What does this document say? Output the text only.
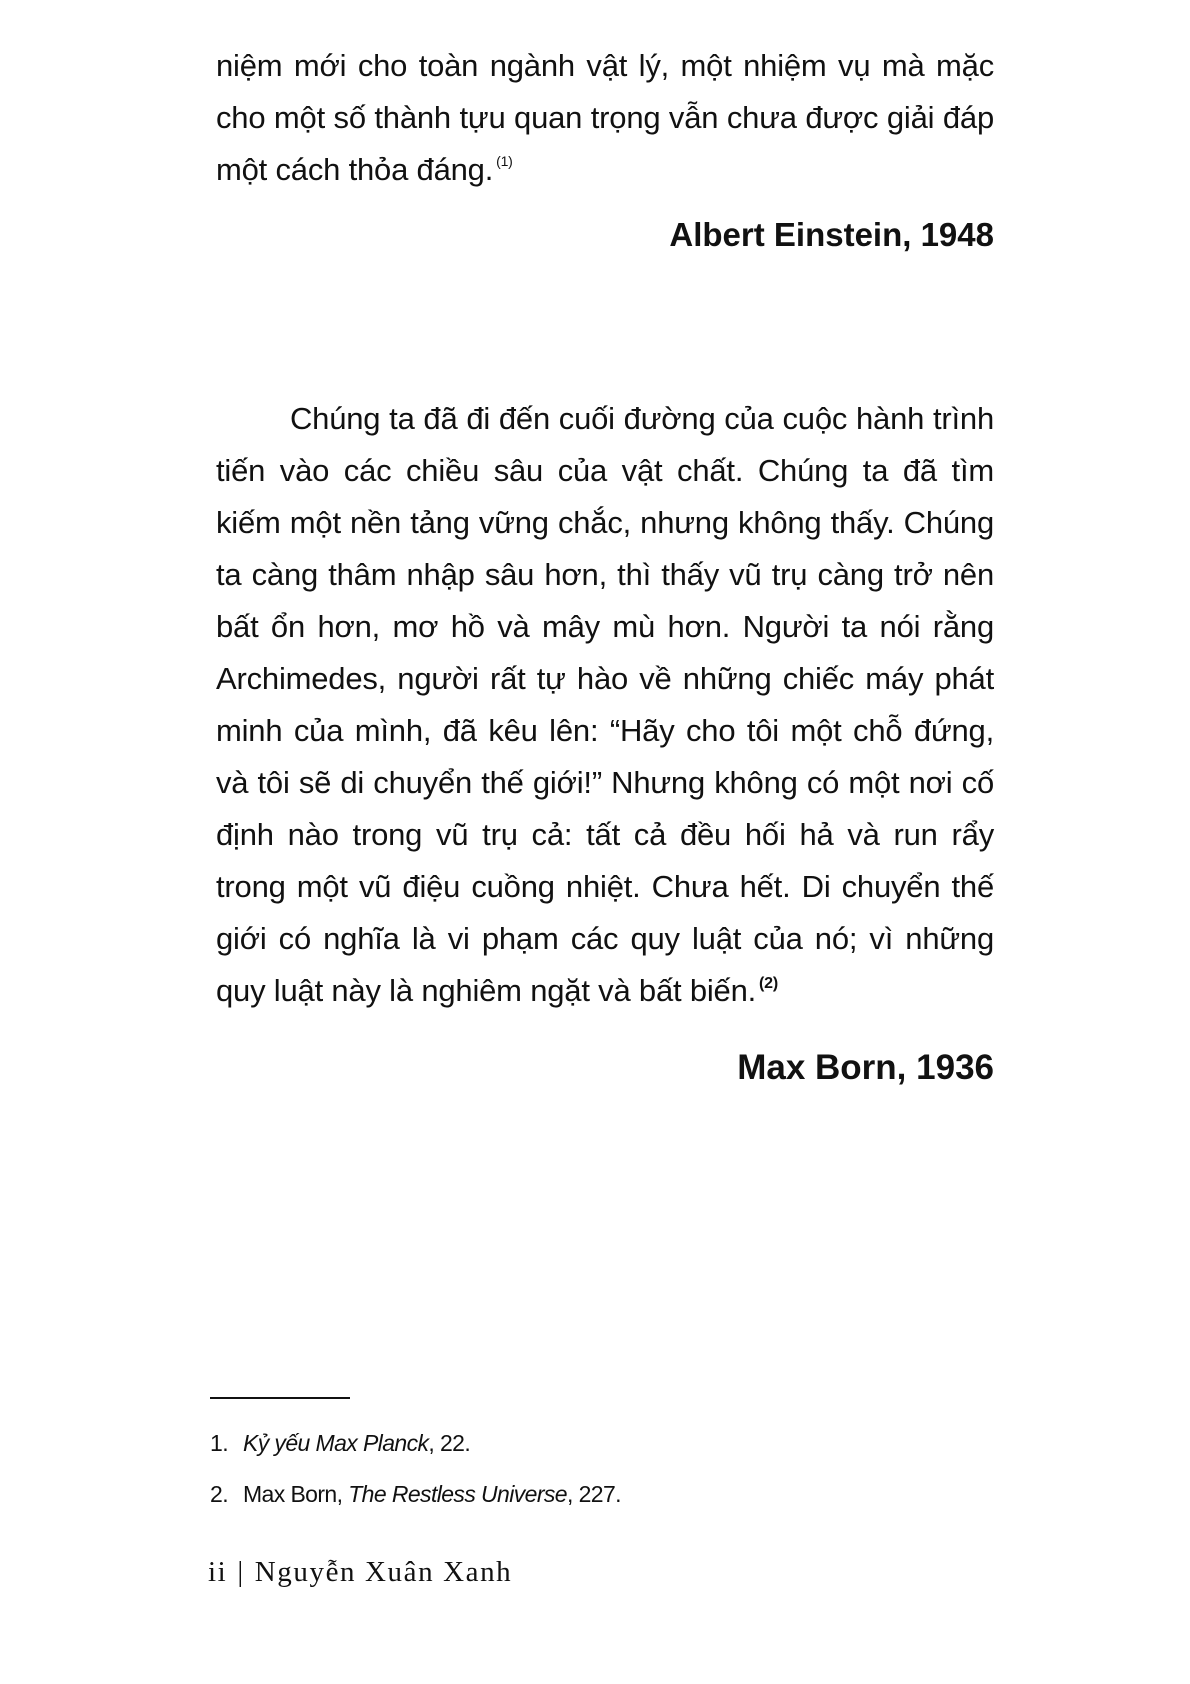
niệm mới cho toàn ngành vật lý, một nhiệm vụ mà mặc cho một số thành tựu quan trọng vẫn chưa được giải đáp một cách thỏa đáng. $^{(1)}$

Albert Einstein, 1948

Chúng ta đã đi đến cuối đường của cuộc hành trình tiến vào các chiều sâu của vật chất. Chúng ta đã tìm kiếm một nền tảng vững chắc, nhưng không thấy. Chúng ta càng thâm nhập sâu hơn, thì thấy vũ trụ càng trở nên bất ổn hơn, mơ hồ và mây mù hơn. Người ta nói rằng Archimedes, người rất tự hào về những chiếc máy phát minh của mình, đã kêu lên: “Hãy cho tôi một chỗ đứng, và tôi sẽ di chuyển thế giới!” Nhưng không có một nơi cố định nào trong vũ trụ cả: tất cả đều hối hả và run rẩy trong một vũ điệu cuồng nhiệt. Chưa hết. Di chuyển thế giới có nghĩa là vi phạm các quy luật của nó; vì những quy luật này là nghiêm ngặt và bất biến. $^{(2)}$

Max Born, 1936
1. Kỷ yếu Max Planck, 22.
2. Max Born, The Restless Universe, 227.
ii | Nguyễn Xuân Xanh
